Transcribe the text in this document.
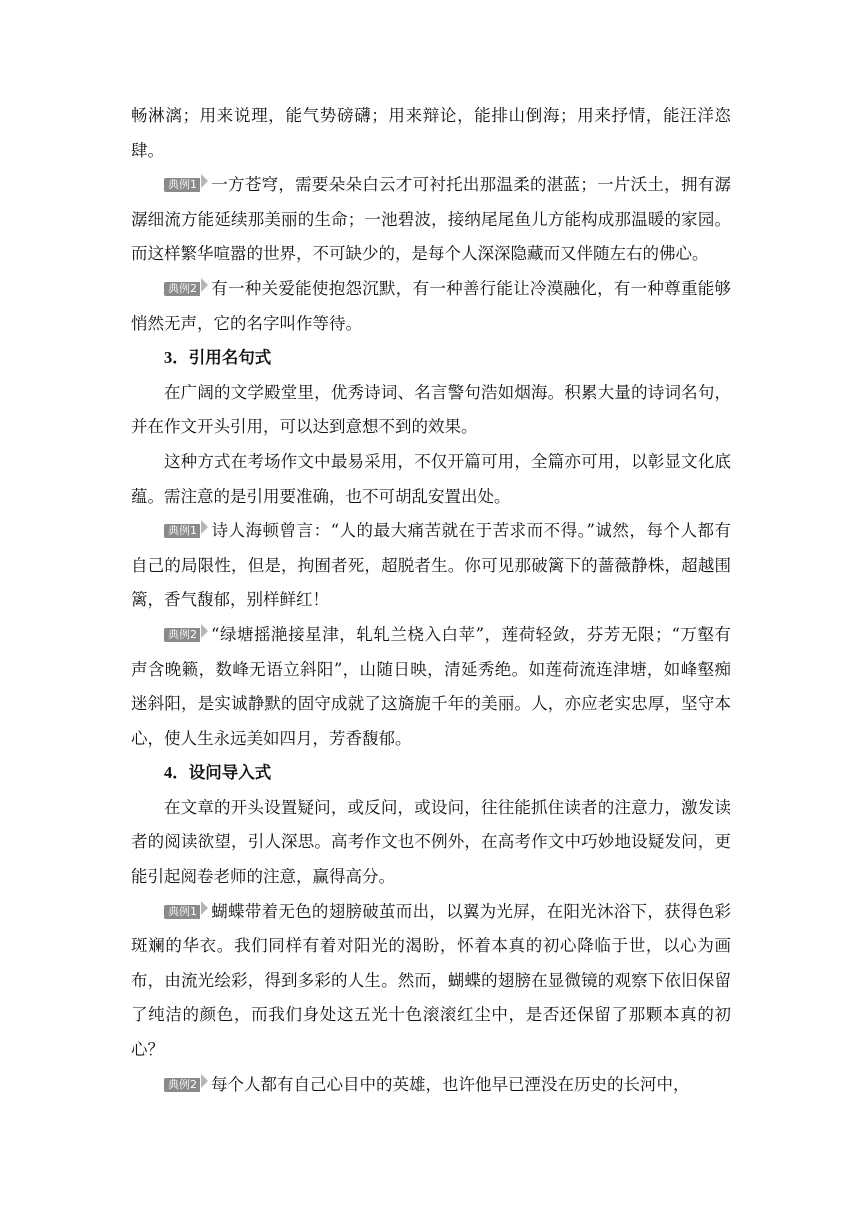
畅淋漓；用来说理，能气势磅礴；用来辩论，能排山倒海；用来抒情，能汪洋恣肆。

典例1 一方苍穹，需要朵朵白云才可衬托出那温柔的湛蓝；一片沃土，拥有潺潺细流方能延续那美丽的生命；一池碧波，接纳尾尾鱼儿方能构成那温暖的家园。而这样繁华喧嚣的世界，不可缺少的，是每个人深深隐藏而又伴随左右的佛心。

典例2 有一种关爱能使抱怨沉默，有一种善行能让冷漠融化，有一种尊重能够悄然无声，它的名字叫作等待。

3．引用名句式

在广阔的文学殿堂里，优秀诗词、名言警句浩如烟海。积累大量的诗词名句，并在作文开头引用，可以达到意想不到的效果。

这种方式在考场作文中最易采用，不仅开篇可用，全篇亦可用，以彰显文化底蕴。需注意的是引用要准确，也不可胡乱安置出处。

典例1 诗人海顿曾言：“人的最大痛苦就在于苦求而不得。”诚然，每个人都有自己的局限性，但是，拘囿者死，超脱者生。你可见那破篱下的蔷薇静株，超越围篱，香气馥郁，别样鲜红！

典例2 “绿塘摇滟接星津，轧轧兰桡入白苹”，莲荷轻敛，芬芳无限；“万壑有声含晚籁，数峰无语立斜阳”，山随日映，清延秀绝。如莲荷流连津塘，如峰壑痴迷斜阳，是实诚静默的固守成就了这旖旎千年的美丽。人，亦应老实忠厚，坚守本心，使人生永远美如四月，芳香馥郁。

4．设问导入式

在文章的开头设置疑问，或反问，或设问，往往能抓住读者的注意力，激发读者的阅读欲望，引人深思。高考作文也不例外，在高考作文中巧妙地设疑发问，更能引起阅卷老师的注意，赢得高分。

典例1 蝴蝶带着无色的翅膀破茧而出，以翼为光屏，在阳光沐浴下，获得色彩斑斓的华衣。我们同样有着对阳光的渴盼，怀着本真的初心降临于世，以心为画布，由流光绘彩，得到多彩的人生。然而，蝴蝶的翅膀在显微镜的观察下依旧保留了纯洁的颜色，而我们身处这五光十色滚滚红尘中，是否还保留了那颗本真的初心？

典例2 每个人都有自己心目中的英雄，也许他早已湮没在历史的长河中，
